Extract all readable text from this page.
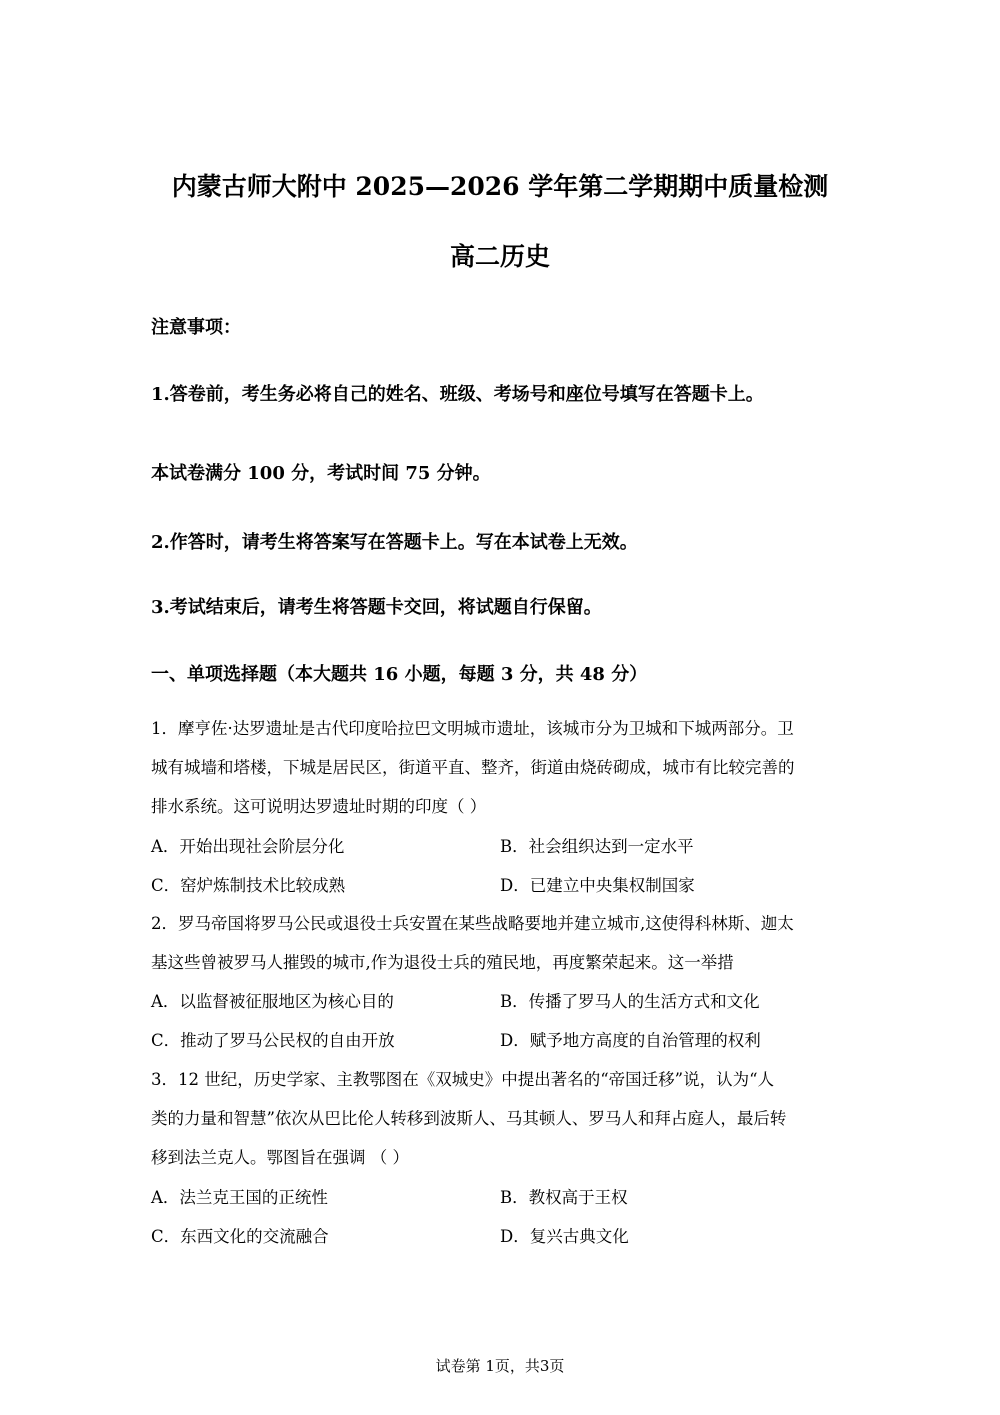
内蒙古师大附中 2025—2026 学年第二学期期中质量检测
高二历史
注意事项：
1.答卷前，考生务必将自己的姓名、班级、考场号和座位号填写在答题卡上。
本试卷满分 100 分，考试时间 75 分钟。
2.作答时，请考生将答案写在答题卡上。写在本试卷上无效。
3.考试结束后，请考生将答题卡交回，将试题自行保留。
一、单项选择题（本大题共 16 小题，每题 3 分，共 48 分）

1．摩亨佐·达罗遗址是古代印度哈拉巴文明城市遗址，该城市分为卫城和下城两部分。卫

城有城墙和塔楼，下城是居民区，街道平直、整齐，街道由烧砖砌成，城市有比较完善的

排水系统。这可说明达罗遗址时期的印度（ ）

A．开始出现社会阶层分化	B．社会组织达到一定水平
C．窑炉炼制技术比较成熟	D．已建立中央集权制国家

2．罗马帝国将罗马公民或退役士兵安置在某些战略要地并建立城市,这使得科林斯、迦太

基这些曾被罗马人摧毁的城市,作为退役士兵的殖民地，再度繁荣起来。这一举措

A．以监督被征服地区为核心目的	B．传播了罗马人的生活方式和文化
C．推动了罗马公民权的自由开放	D．赋予地方高度的自治管理的权利

3．12 世纪，历史学家、主教鄂图在《双城史》中提出著名的“帝国迁移”说，认为“人

类的力量和智慧”依次从巴比伦人转移到波斯人、马其顿人、罗马人和拜占庭人，最后转

移到法兰克人。鄂图旨在强调 （ ）

A．法兰克王国的正统性	B．教权高于王权
C．东西文化的交流融合	D．复兴古典文化
试卷第 1页，共3页
